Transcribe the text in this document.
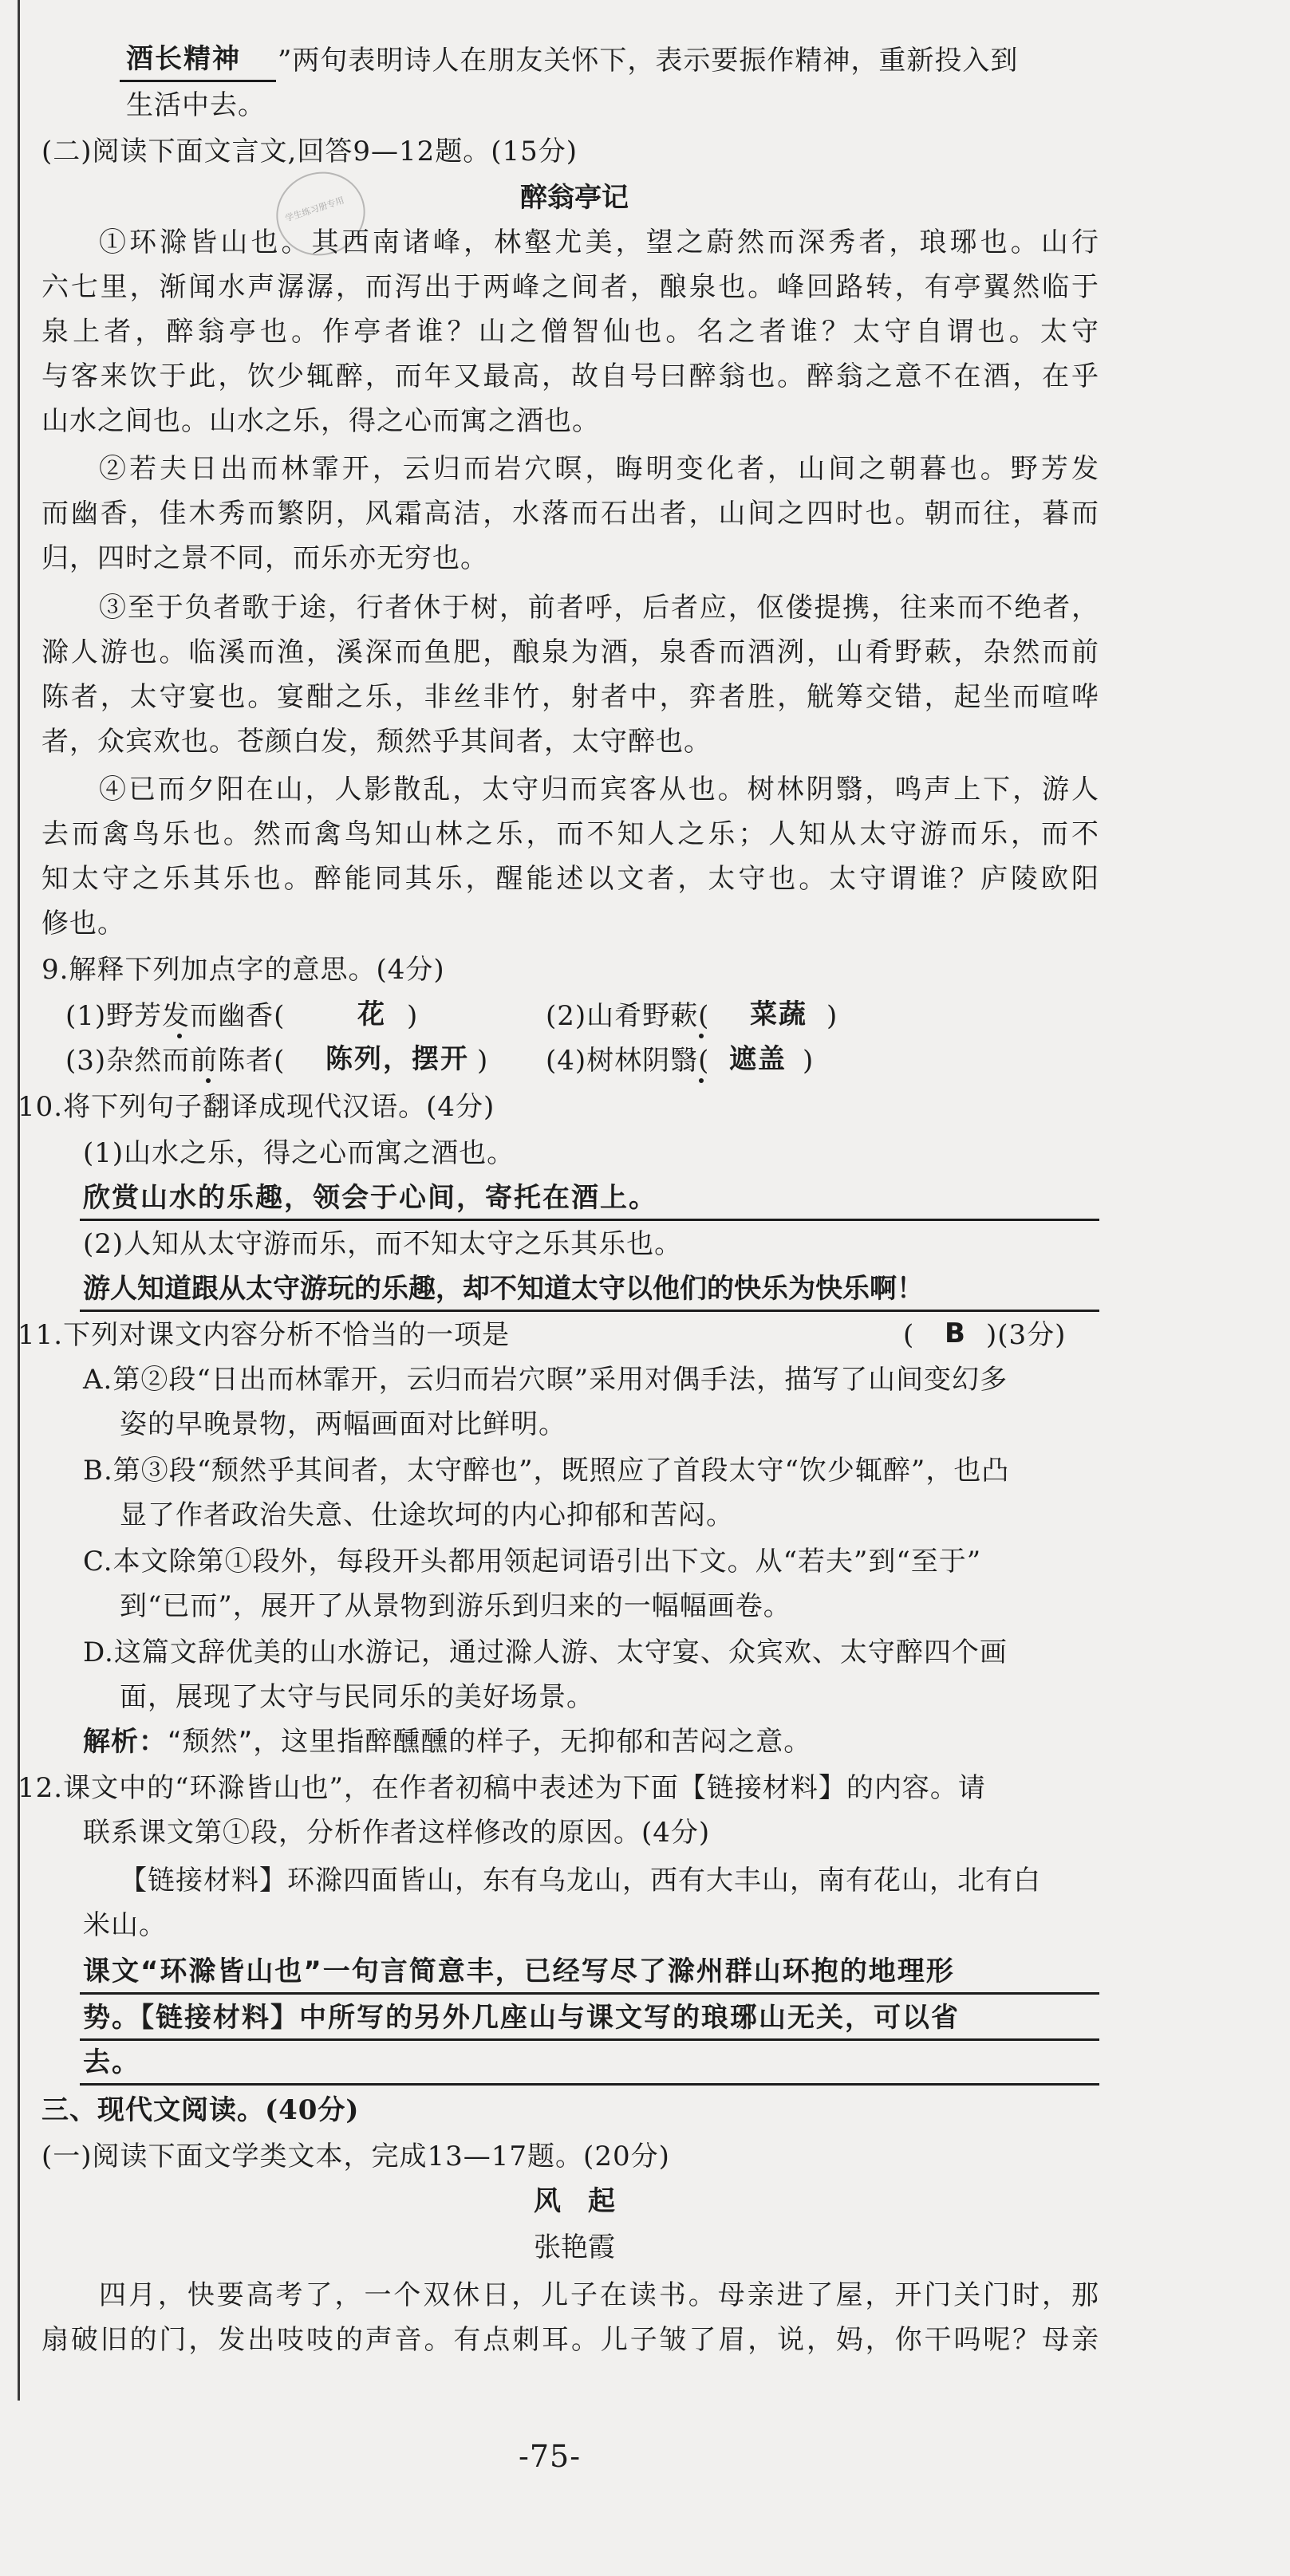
酒长精神 ”两句表明诗人在朋友关怀下，表示要振作精神，重新投入到
生活中去。
(二)阅读下面文言文,回答9—12题。(15分)
学生练习册专用	醉翁亭记
①环滁皆山也。其西南诸峰，林壑尤美，望之蔚然而深秀者，琅琊也。山行
六七里，渐闻水声潺潺，而泻出于两峰之间者，酿泉也。峰回路转，有亭翼然临于
泉上者，醉翁亭也。作亭者谁？山之僧智仙也。名之者谁？太守自谓也。太守
与客来饮于此，饮少辄醉，而年又最高，故自号曰醉翁也。醉翁之意不在酒，在乎
山水之间也。山水之乐，得之心而寓之酒也。
②若夫日出而林霏开，云归而岩穴暝，晦明变化者，山间之朝暮也。野芳发
而幽香，佳木秀而繁阴，风霜高洁，水落而石出者，山间之四时也。朝而往，暮而
归，四时之景不同，而乐亦无穷也。
③至于负者歌于途，行者休于树，前者呼，后者应，伛偻提携，往来而不绝者，
滁人游也。临溪而渔，溪深而鱼肥，酿泉为酒，泉香而酒洌，山肴野蔌，杂然而前
陈者，太守宴也。宴酣之乐，非丝非竹，射者中，弈者胜，觥筹交错，起坐而喧哗
者，众宾欢也。苍颜白发，颓然乎其间者，太守醉也。
④已而夕阳在山，人影散乱，太守归而宾客从也。树林阴翳，鸣声上下，游人
去而禽鸟乐也。然而禽鸟知山林之乐，而不知人之乐；人知从太守游而乐，而不
知太守之乐其乐也。醉能同其乐，醒能述以文者，太守也。太守谓谁？庐陵欧阳
修也。
9.解释下列加点字的意思。(4分)
(1)野芳发而幽香(	花 )	(2)山肴野蔌( 菜蔬 )
(3)杂然而前陈者( 陈列，摆开 ) (4)树林阴翳( 遮盖 )
10.将下列句子翻译成现代汉语。(4分)
(1)山水之乐，得之心而寓之酒也。
欣赏山水的乐趣，领会于心间，寄托在酒上。
(2)人知从太守游而乐，而不知太守之乐其乐也。
游人知道跟从太守游玩的乐趣，却不知道太守以他们的快乐为快乐啊！
11.下列对课文内容分析不恰当的一项是	( B )(3分)
A.第②段“日出而林霏开，云归而岩穴暝”采用对偶手法，描写了山间变幻多
姿的早晚景物，两幅画面对比鲜明。
B.第③段“颓然乎其间者，太守醉也”，既照应了首段太守“饮少辄醉”，也凸
显了作者政治失意、仕途坎坷的内心抑郁和苦闷。
C.本文除第①段外，每段开头都用领起词语引出下文。从“若夫”到“至于”
到“已而”，展开了从景物到游乐到归来的一幅幅画卷。
D.这篇文辞优美的山水游记，通过滁人游、太守宴、众宾欢、太守醉四个画
面，展现了太守与民同乐的美好场景。
解析： “颓然”，这里指醉醺醺的样子，无抑郁和苦闷之意。
12.课文中的“环滁皆山也”，在作者初稿中表述为下面【链接材料】的内容。请
联系课文第①段，分析作者这样修改的原因。(4分)
【链接材料】环滁四面皆山，东有乌龙山，西有大丰山，南有花山，北有白
米山。
课文“环滁皆山也”一句言简意丰，已经写尽了滁州群山环抱的地理形
势。【链接材料】中所写的另外几座山与课文写的琅琊山无关，可以省
去。
三、现代文阅读。(40分)
(一)阅读下面文学类文本，完成13—17题。(20分)
风　起
张艳霞
四月，快要高考了，一个双休日，儿子在读书。母亲进了屋，开门关门时，那
扇破旧的门，发出吱吱的声音。有点刺耳。儿子皱了眉，说，妈，你干吗呢？母亲
-75-
